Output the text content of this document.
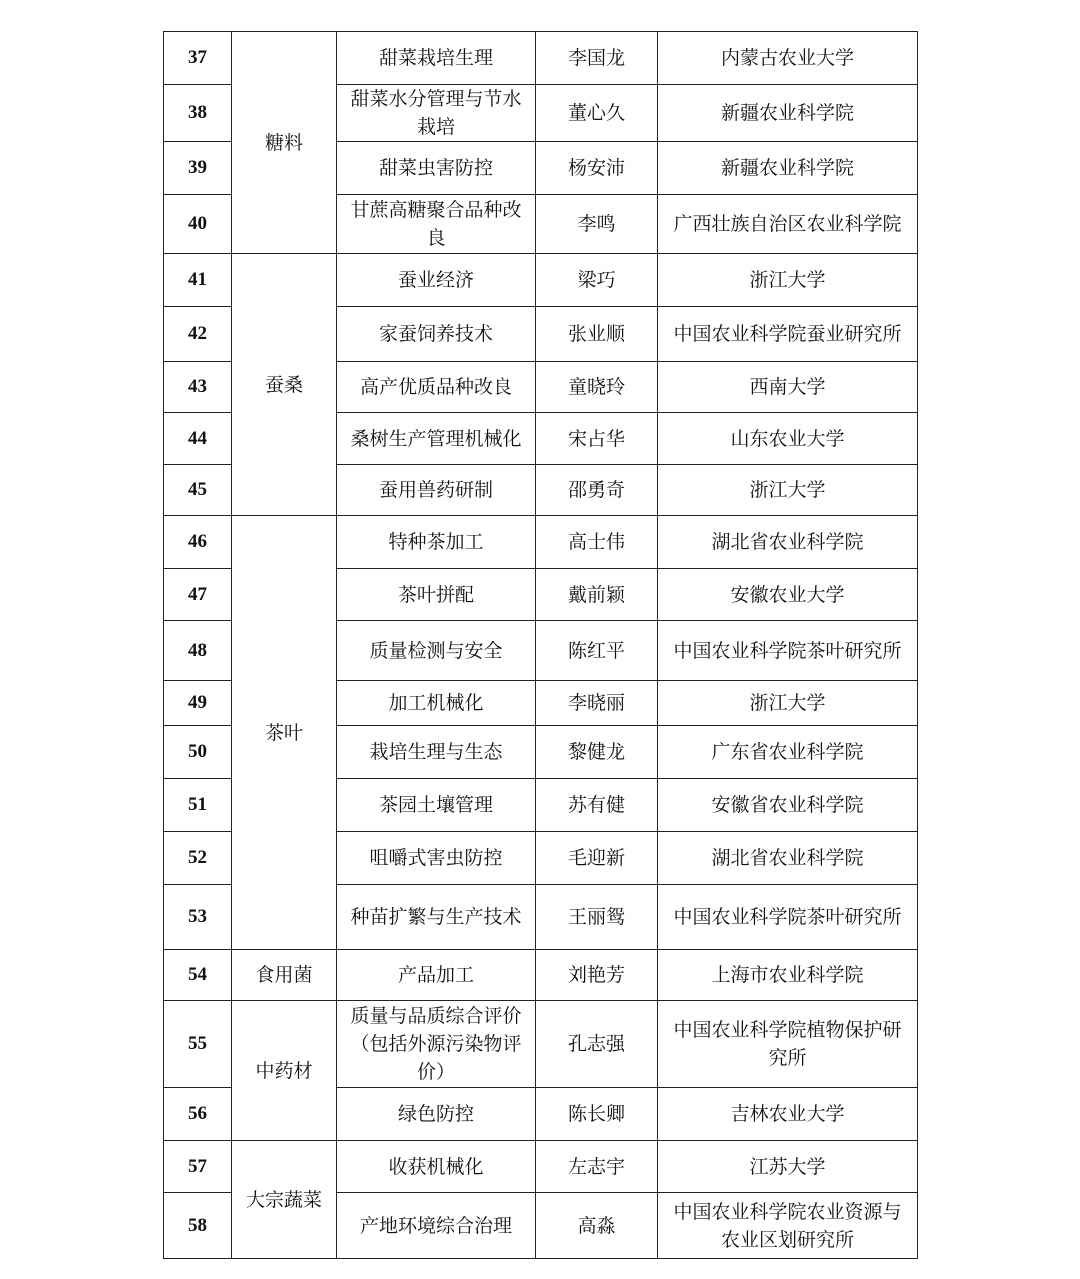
37	糖料	甜菜栽培生理	李国龙	内蒙古农业大学
38		甜菜水分管理与节水栽培	董心久	新疆农业科学院
39		甜菜虫害防控	杨安沛	新疆农业科学院
40		甘蔗高糖聚合品种改良	李鸣	广西壮族自治区农业科学院
41	蚕桑	蚕业经济	梁巧	浙江大学
42		家蚕饲养技术	张业顺	中国农业科学院蚕业研究所
43		高产优质品种改良	童晓玲	西南大学
44		桑树生产管理机械化	宋占华	山东农业大学
45		蚕用兽药研制	邵勇奇	浙江大学
46	茶叶	特种茶加工	高士伟	湖北省农业科学院
47		茶叶拼配	戴前颖	安徽农业大学
48		质量检测与安全	陈红平	中国农业科学院茶叶研究所
49		加工机械化	李晓丽	浙江大学
50		栽培生理与生态	黎健龙	广东省农业科学院
51		茶园土壤管理	苏有健	安徽省农业科学院
52		咀嚼式害虫防控	毛迎新	湖北省农业科学院
53		种苗扩繁与生产技术	王丽鸳	中国农业科学院茶叶研究所
54	食用菌	产品加工	刘艳芳	上海市农业科学院
55	中药材	质量与品质综合评价（包括外源污染物评价）	孔志强	中国农业科学院植物保护研究所
56		绿色防控	陈长卿	吉林农业大学
57	大宗蔬菜	收获机械化	左志宇	江苏大学
58		产地环境综合治理	高淼	中国农业科学院农业资源与农业区划研究所
